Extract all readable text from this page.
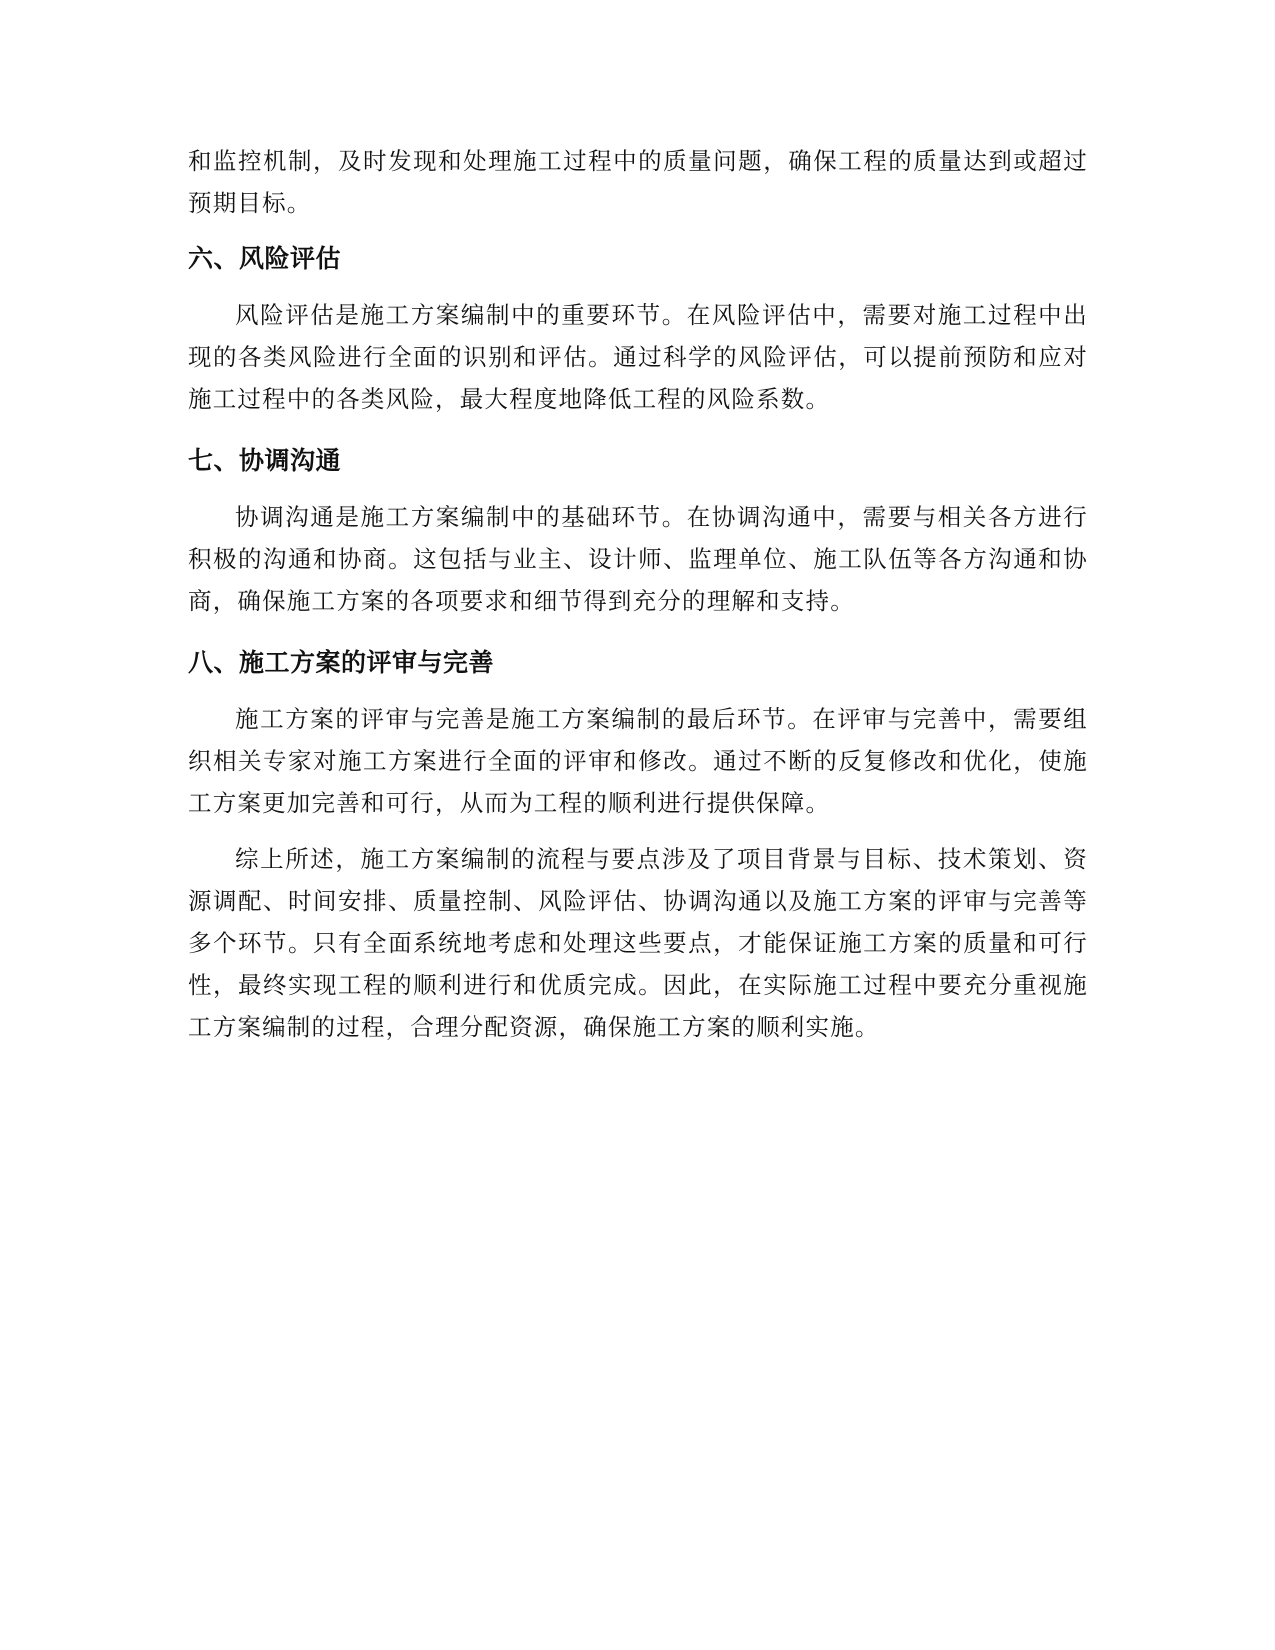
和监控机制，及时发现和处理施工过程中的质量问题，确保工程的质量达到或超过预期目标。

六、风险评估

风险评估是施工方案编制中的重要环节。在风险评估中，需要对施工过程中出现的各类风险进行全面的识别和评估。通过科学的风险评估，可以提前预防和应对施工过程中的各类风险，最大程度地降低工程的风险系数。

七、协调沟通

协调沟通是施工方案编制中的基础环节。在协调沟通中，需要与相关各方进行积极的沟通和协商。这包括与业主、设计师、监理单位、施工队伍等各方沟通和协商，确保施工方案的各项要求和细节得到充分的理解和支持。

八、施工方案的评审与完善

施工方案的评审与完善是施工方案编制的最后环节。在评审与完善中，需要组织相关专家对施工方案进行全面的评审和修改。通过不断的反复修改和优化，使施工方案更加完善和可行，从而为工程的顺利进行提供保障。

综上所述，施工方案编制的流程与要点涉及了项目背景与目标、技术策划、资源调配、时间安排、质量控制、风险评估、协调沟通以及施工方案的评审与完善等多个环节。只有全面系统地考虑和处理这些要点，才能保证施工方案的质量和可行性，最终实现工程的顺利进行和优质完成。因此，在实际施工过程中要充分重视施工方案编制的过程，合理分配资源，确保施工方案的顺利实施。
